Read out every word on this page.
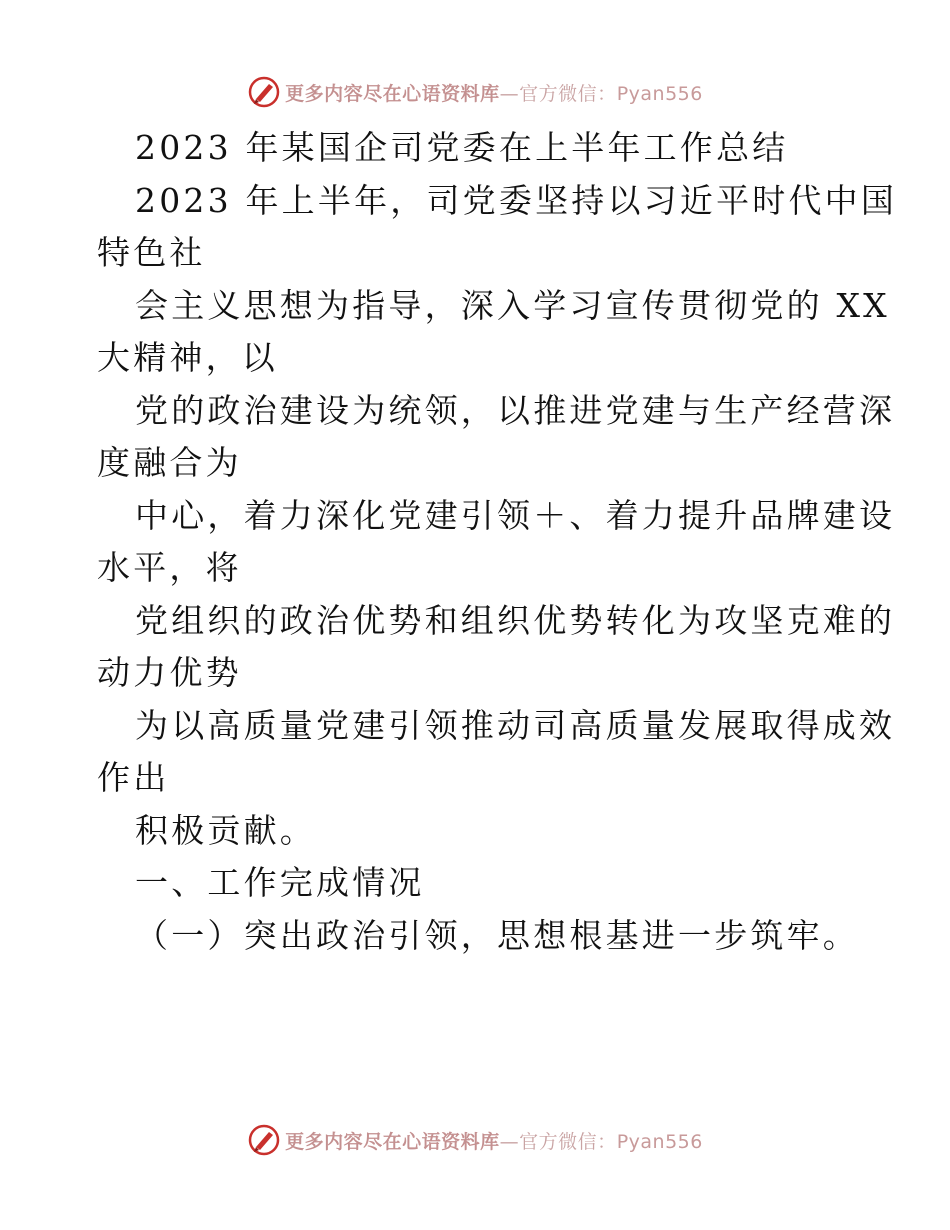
更多内容尽在心语资料库—官方微信：Pyan556
2023 年某国企司党委在上半年工作总结
2023 年上半年，司党委坚持以习近平时代中国
特色社
会主义思想为指导，深入学习宣传贯彻党的 XX
大精神，以
党的政治建设为统领，以推进党建与生产经营深
度融合为
中心，着力深化党建引领＋、着力提升品牌建设
水平，将
党组织的政治优势和组织优势转化为攻坚克难的
动力优势
为以高质量党建引领推动司高质量发展取得成效
作出
积极贡献。
一、工作完成情况
（一）突出政治引领，思想根基进一步筑牢。
更多内容尽在心语资料库—官方微信：Pyan556
